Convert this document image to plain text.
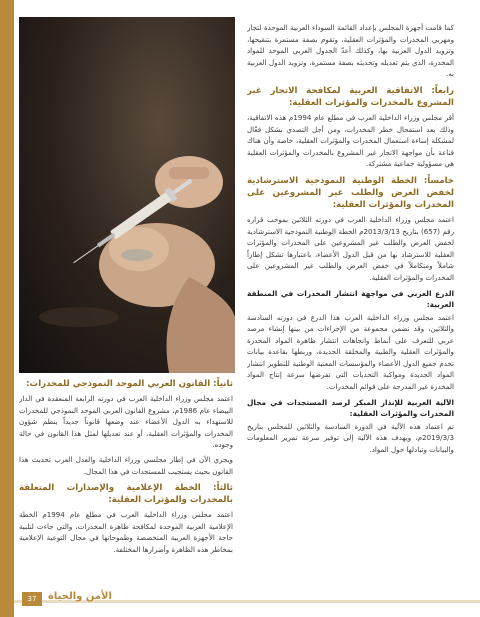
كما قامت أجهزة المجلس بإعداد القائمة السوداء العربية الموحدة لتجار ومهربي المخدرات والمؤثرات العقلية، وتقوم بصفة مستمرة بتنقيحها، وتزويد الدول العربية بها، وكذلك أعدّ الجدول العربي الموحد للمواد المخدرة، الذي يتم تعديله وتحديثه بصفة مستمرة، وتزويد الدول العربية به.

رابعاً: الاتفاقية العربية لمكافحة الاتجار غير المشروع بالمخدرات والمؤثرات العقلية:

أقر مجلس وزراء الداخلية العرب في مطلع عام 1994م هذه الاتفاقية، وذلك بعد استفحال خطر المخدرات، ومن أجل التصدي بشكل فعّال لمشكلة إساءة استعمال المخدرات والمؤثرات العقلية، خاصة وأن هناك قناعة بأن مواجهة الاتجار غير المشروع بالمخدرات والمؤثرات العقلية هي مسؤولية جماعية مشتركة.

خامساً: الخطة الوطنية النموذجية الاسترشادية لخفض العرض والطلب غير المشروعين على المخدرات والمؤثرات العقلية:

اعتمد مجلس وزراء الداخلية العرب في دورته الثلاثين بموجب قراره رقم (657) بتاريخ 2013/3/13م الخطة الوطنية النموذجية الاسترشادية لخفض العرض والطلب غير المشروعين على المخدرات والمؤثرات العقلية للاسترشاد بها من قبل الدول الأعضاء، باعتبارها تشكل إطاراً شاملاً ومتكاملاً في خفض العرض والطلب غير المشروعين على المخدرات والمؤثرات العقلية.

الدرع العربي في مواجهة انتشار المخدرات في المنطقة العربية:

اعتمد مجلس وزراء الداخلية العرب هذا الدرع في دورته السادسة والثلاثين، وقد تضمن مجموعة من الإجراءات من بينها إنشاء مرصد عربي للتعرف على أنماط واتجاهات انتشار ظاهرة المواد المخدرة والمؤثرات العقلية والطبية والمخلقة الجديدة، وربطها بقاعدة بيانات تخدم جميع الدول الأعضاء والمؤسسات المعنية الوطنية للتطوير انتشار المواد الجديدة ومواكبة التحديات التي تفرضها سرعة إنتاج المواد المخدرة غير المدرجة على قوائم المخدرات.

الآلية العربية للإنذار المبكر لرصد المستجدات في مجال المخدرات والمؤثرات العقلية:

تم اعتماد هذه الآلية في الدورة السادسة والثلاثين للمجلس بتاريخ 2019/3/3م، ويهدف هذه الآلية إلى توفير سرعة تمرير المعلومات والبيانات وتبادلها حول المواد.

ثانياً: القانون العربي الموحد النموذجي للمخدرات:

اعتمد مجلس وزراء الداخلية العرب في دورته الرابعة المنعقدة في الدار البيضاء عام 1986م، مشروع القانون العربي الموحد النموذجي للمخدرات للاستهداء به الدول الأعضاء عند وضعها قانوناً جديداً ينظم شؤون المخدرات والمؤثرات العقلية، أو عند تعديلها لمثل هذا القانون في حالة وجوده.

ويجري الآن في إطار مجلسي وزراء الداخلية والعدل العرب تحديث هذا القانون بحيث يستجيب للمستجدات في هذا المجال.

ثالثاً: الخطة الإعلامية والإصدارات المتعلقة بالمخدرات والمؤثرات العقلية:

اعتمد مجلس وزراء الداخلية العرب في مطلع عام 1994م الخطة الإعلامية العربية الموحدة لمكافحة ظاهرة المخدرات، والتي جاءت لتلبية حاجة الأجهزة العربية المتخصصة وطموحاتها في مجال التوعية الإعلامية بمخاطر هذه الظاهرة وأضرارها المختلفة.

37	الأمن والحياة
